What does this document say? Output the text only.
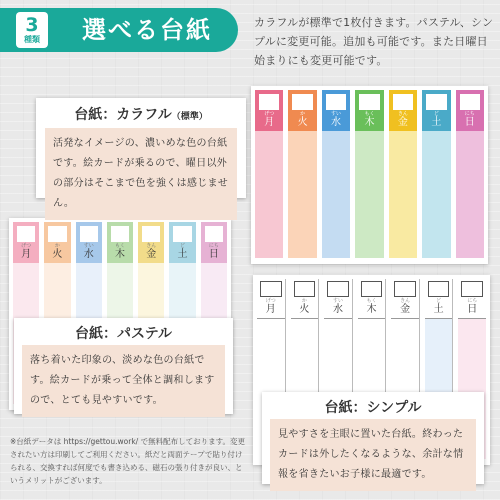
3
種類 選べる台紙	カラフルが標準で1枚付きます。パステル、シンプルに変更可能。追加も可能です。また日曜日始まりにも変更可能です。
げつ
月
か
火
すい
水
もく
木
きん
金
ど
土
にち
日
げつ
月
か
火
すい
水
もく
木
きん
金
ど
土
にち
日
げつ
月
か
火
すい
水
もく
木
きん
金
ど
土
にち
日
台紙：カラフル（標準）
活発なイメージの、濃いめな色の台紙です。絵カードが乗るので、曜日以外の部分はそこまで色を強くは感じません。
台紙：パステル
落ち着いた印象の、淡めな色の台紙です。絵カードが乗って全体と調和しますので、とても見やすいです。	台紙：シンプル
見やすさを主眼に置いた台紙。終わったカードは外したくなるような、余計な情報を省きたいお子様に最適です。
※台紙データは https://gettou.work/ で無料配布しております。変更されたい方は印刷してご利用ください。紙だと両面テープで貼り付けられる、交換すれば何度でも書き込める、磁石の張り付きが良い、というメリットがございます。
